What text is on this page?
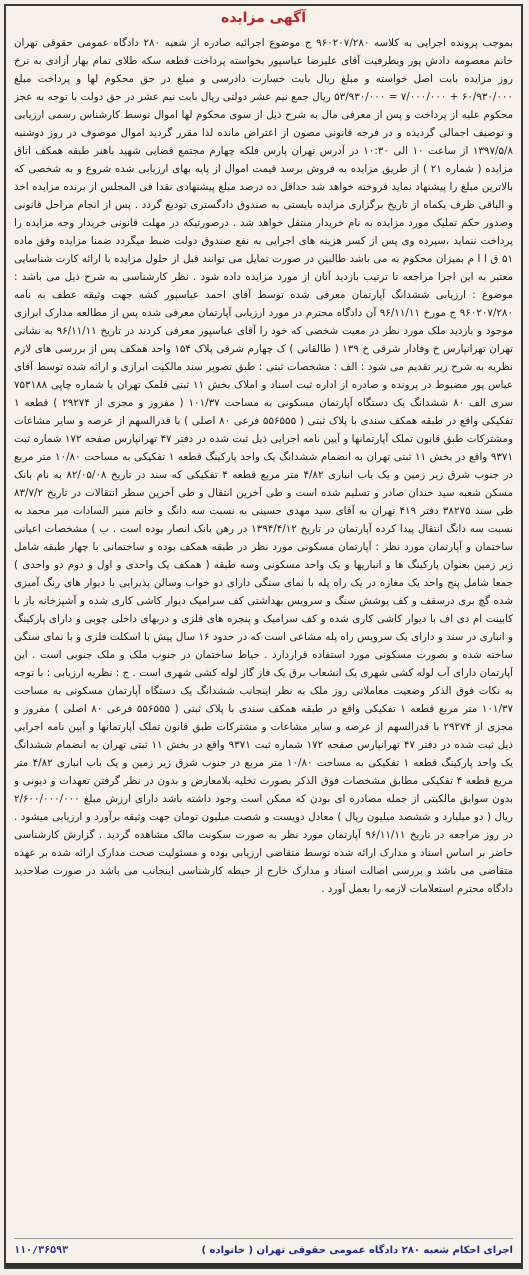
آگهی مزایده
بموجب پرونده اجرایی به کلاسه ۹۶۰۲۰۷/۲۸۰ ج موضوع اجرائیه صادره از شعبه ۲۸۰ دادگاه عمومی حقوقی تهران خانم معصومه دادش پور وبطرفیت آقای علیرضا عباسپور بخواسته پرداخت قطعه سکه طلای تمام بهار آزادی به نرخ روز مزایده بابت اصل خواسته و مبلغ ریال بابت خسارت دادرسی و مبلغ در حق محکوم لها و پرداخت مبلغ ۶۰/۹۳۰/۰۰۰ + ۷/۰۰۰/۰۰۰ = ۵۳/۹۳۰/۰۰۰ ریال جمع نیم عشر دولتی ریال بابت نیم عشر در حق دولت با توجه به عجز محکوم علیه از پرداخت و پس از معرفی مال به شرح ذیل از سوی محکوم لها اموال توسط کارشناس رسمی ارزیابی و توصیف اجمالی گردیده و در فرجه قانونی مصون از اعتراض مانده لذا مقرر گردید اموال موصوف در روز دوشنبه ۱۳۹۷/۵/۸ از ساعت ۱۰ الی ۱۰:۳۰ در آدرس تهران پارس فلکه چهارم مجتمع قضایی شهید باهنر طبقه همکف اتاق مزایده ( شماره ۲۱ ) از طریق مزایده به فروش برسد قیمت اموال از پایه بهای ارزیابی شده شروع و به شخصی که بالاترین مبلغ را پیشنهاد نماید فروخته خواهد شد حداقل ده درصد مبلغ پیشنهادی نقدا فی المجلس از برنده مزایده اخذ و الباقی ظرف یکماه از تاریخ برگزاری مزایده بایستی به صندوق دادگستری تودیع گردد . پس از انجام مراحل قانونی وصدور حکم تملیک مورد مزایده به نام خریدار منتقل خواهد شد . درصورتیکه در مهلت قانونی خریدار وجه مزایده را پرداخت ننماید ،سپرده وی پس از کسر هزینه های اجرایی به نفع صندوق دولت ضبط میگردد ضمنا مزایده وفق ماده ۵۱ ق ا ا م بمیزان محکوم به می باشد طالبین در صورت تمایل می توانند قبل از حلول مزایده با ارائه کارت شناسایی معتبر به این اجرا مراجعه تا ترتیب بازدید آنان از مورد مزایده داده شود . نظر کارشناسی به شرح ذیل می باشد : موضوع : ارزیابی ششدانگ آپارتمان معرفی شده توسط آقای احمد عباسپور کشه جهت وثیقه عطف به نامه ۹۶۰۲۰۷/۲۸۰ ج مورخ ۹۶/۱۱/۱۱ آن دادگاه محترم در مورد ارزیابی آپارتمان معرفی شده پس از مطالعه مدارک ابرازی موجود و بازدید ملک مورد نظر در معیت شخصی که خود را آقای عباسپور معرفی کردند در تاریخ ۹۶/۱۱/۱۱ به نشانی تهران تهرانپارس خ وفادار شرقی خ ۱۳۹ ( طالقانی ) ک چهارم شرقی پلاک ۱۵۴ واحد همکف پس از بررسی های لازم نظریه به شرح زیر تقدیم می شود : الف : مشخصات ثبتی : طبق تصویر سند مالکیت ابرازی و ارائه شده توسط آقای عباس پور مضبوط در پرونده و صادره از اداره ثبت اسناد و املاک بخش ۱۱ ثبتی قلمک تهران با شماره چاپی ۷۵۳۱۸۸ سری الف ۸۰ ششدانگ یک دستگاه آپارتمان مسکونی به مساحت ۱۰۱/۳۷ ( مفروز و مجزی از ۲۹۲۷۴ ) قطعه ۱ تفکیکی واقع در طبقه همکف سندی با پلاک ثبتی ( ۵۵۶۵۵۵ فرعی ۸۰ اصلی ) با قدرالسهم از عرصه و سایر مشاعات ومشترکات طبق قانون تملک آپارتمانها و آیین نامه اجرایی ذیل ثبت شده در دفتر ۴۷ تهرانپارس صفحه ۱۷۲ شماره ثبت ۹۳۷۱ واقع در بخش ۱۱ ثبتی تهران به انضمام ششدانگ یک واحد پارکینگ قطعه ۱ تفکیکی به مساحت ۱۰/۸۰ متر مربع در جنوب شرق زیر زمین و یک باب انباری ۴/۸۲ متر مربع قطعه ۴ تفکیکی که سند در تاریخ ۸۲/۰۵/۰۸ به نام بانک مسکن شعبه سید خندان صادر و تسلیم شده است و طی آخرین انتقال و طی آخرین سطر انتقالات در تاریخ ۸۳/۷/۲ طی سند ۳۸۲۷۵ دفتر ۴۱۹ تهران به آقای سید مهدی حسینی به نسبت سه دانگ و خانم منیر السادات میر محمد به نسبت سه دانگ انتقال پیدا کرده آپارتمان در تاریخ ۱۳۹۴/۴/۱۲ در رهن بانک انصار بوده است . ب ) مشخصات اعیانی ساختمان و آپارتمان مورد نظر : آپارتمان مسکونی مورد نظر در طبقه همکف بوده و ساختمانی با چهار طبقه شامل زیر زمین بعنوان پارکینگ ها و انباریها و یک واحد مسکونی وسه طبقه ( همکف یک واحدی و اول و دوم دو واحدی ) جمعا شامل پنج واحد یک مغازه در یک راه پله با نمای سنگی دارای دو خواب وسالن پذیرایی با دیوار های رنگ آمیزی شده گچ بری درسقف و کف پوشش سنگ و سرویس بهداشتی کف سرامیک دیوار کاشی کاری شده و آشپزخانه باز با کابینت ام دی اف با دیوار کاشی کاری شده و کف سرامیک و پنجره های فلزی و دربهای داخلی چوبی و دارای پارکینگ و انباری در سند و دارای یک سرویس راه پله مشاعی است که در حدود ۱۶ سال پیش با اسکلت فلزی و با نمای سنگی ساخته شده و بصورت مسکونی مورد استفاده قراردارد . حیاط ساختمان در جنوب ملک و ملک جنوبی است . این آپارتمان دارای آب لوله کشی شهری یک انشعاب برق یک فاز گاز لوله کشی شهری است . ج : نظریه ارزیابی : با توجه به نکات فوق الذکر وضعیت معاملاتی روز ملک به نظر اینجانب ششدانگ یک دستگاه آپارتمان مسکونی به مساحت ۱۰۱/۳۷ متر مربع قطعه ۱ تفکیکی واقع در طبقه همکف سندی با پلاک ثبتی ( ۵۵۶۵۵۵ فرعی ۸۰ اصلی ) مفروز و مجزی از ۲۹۲۷۴ با قدرالسهم از عرصه و سایر مشاعات و مشترکات طبق قانون تملک آپارتمانها و آیین نامه اجرایی ذیل ثبت شده در دفتر ۴۷ تهرانپارس صفحه ۱۷۲ شماره ثبت ۹۳۷۱ واقع در بخش ۱۱ ثبتی تهران به انضمام ششدانگ یک واحد پارکینگ قطعه ۱ تفکیکی به مساحت ۱۰/۸۰ متر مربع در جنوب شرق زیر زمین و یک باب انباری ۴/۸۲ متر مربع قطعه ۴ تفکیکی مطابق مشخصات فوق الذکر بصورت تخلیه بلامعارض و بدون در نظر گرفتن تعهدات و دیونی و بدون سوابق مالکیتی از جمله مصادره ای بودن که ممکن است وجود داشته باشد دارای ارزش مبلغ ۲/۶۰۰/۰۰۰/۰۰۰ ریال ( دو میلیارد و ششصد میلیون ریال ) معادل دویست و شصت میلیون تومان جهت وثیقه برآورد و ارزیابی میشود . در روز مراجعه در تاریخ ۹۶/۱۱/۱۱ آپارتمان مورد نظر به صورت سکونت مالک مشاهده گردید . گزارش کارشناسی حاضر بر اساس اسناد و مدارک ارائه شده توسط متقاضی ارزیابی بوده و مسئولیت صحت مدارک ارائه شده بر عهده متقاضی می باشد و بررسی اصالت اسناد و مدارک خارج از حیطه کارشناسی اینجانب می باشد در صورت صلاحدید دادگاه محترم استعلامات لازمه را بعمل آورد .
اجرای احکام شعبه ۲۸۰ دادگاه عمومی حقوقی تهران ( خانواده )
۱۱۰/۳۶۵۹۳
